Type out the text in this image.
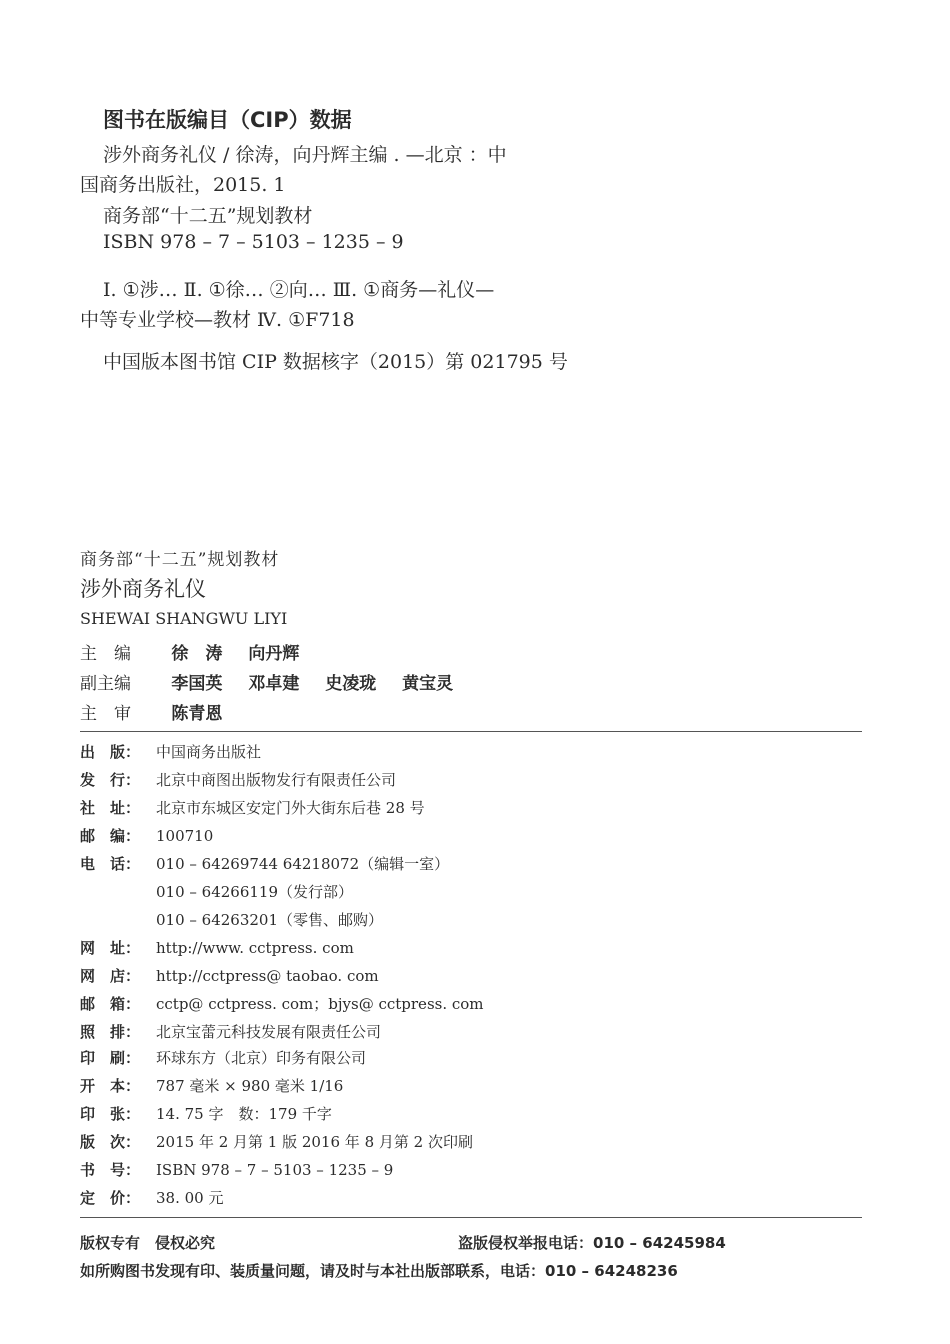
图书在版编目（CIP）数据
涉外商务礼仪 / 徐涛，向丹辉主编 . —北京 ：中
国商务出版社，2015. 1
商务部“十二五”规划教材
ISBN 978 – 7 – 5103 – 1235 – 9
Ⅰ. ①涉… Ⅱ. ①徐… ②向… Ⅲ. ①商务—礼仪—
中等专业学校—教材 Ⅳ. ①F718
中国版本图书馆 CIP 数据核字（2015）第 021795 号
商务部“十二五”规划教材
涉外商务礼仪
SHEWAI SHANGWU LIYI
主　编 徐　涛 向丹辉
副主编 李国英 邓卓建 史凌珑 黄宝灵
主　审 陈青恩
出　版： 中国商务出版社
发　行： 北京中商图出版物发行有限责任公司
社　址： 北京市东城区安定门外大街东后巷 28 号
邮　编： 100710
电　话： 010 – 64269744 64218072（编辑一室）
010 – 64266119（发行部）
010 – 64263201（零售、邮购）
网　址： http://www. cctpress. com
网　店： http://cctpress@ taobao. com
邮　箱： cctp@ cctpress. com；bjys@ cctpress. com
照　排： 北京宝蕾元科技发展有限责任公司
印　刷： 环球东方（北京）印务有限公司
开　本： 787 毫米 × 980 毫米 1/16
印　张： 14. 75 字　数：179 千字
版　次： 2015 年 2 月第 1 版 2016 年 8 月第 2 次印刷
书　号： ISBN 978 – 7 – 5103 – 1235 – 9
定　价： 38. 00 元
版权专有　侵权必究	盗版侵权举报电话：010 – 64245984
如所购图书发现有印、装质量问题，请及时与本社出版部联系，电话：010 – 64248236
